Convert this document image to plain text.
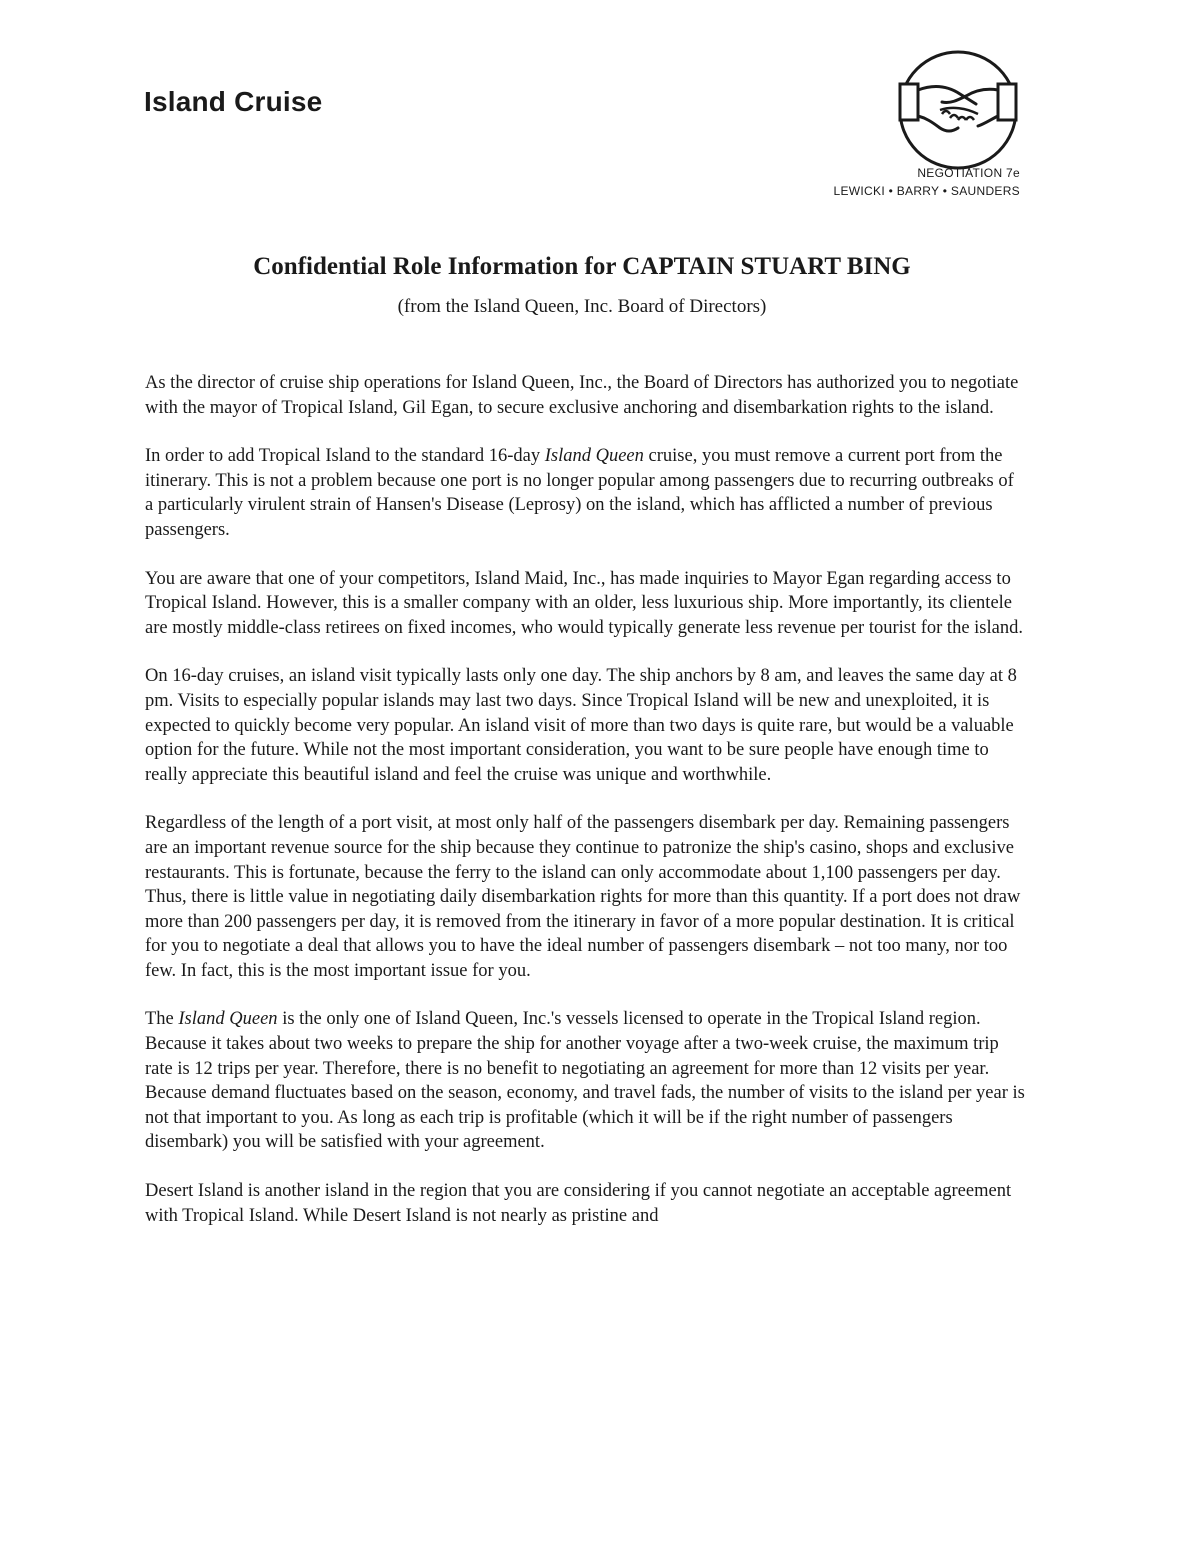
Island Cruise
NEGOTIATION 7e
LEWICKI • BARRY • SAUNDERS
Confidential Role Information for CAPTAIN STUART BING
(from the Island Queen, Inc. Board of Directors)

As the director of cruise ship operations for Island Queen, Inc., the Board of Directors has authorized you to negotiate with the mayor of Tropical Island, Gil Egan, to secure exclusive anchoring and disembarkation rights to the island.

In order to add Tropical Island to the standard 16-day Island Queen cruise, you must remove a current port from the itinerary. This is not a problem because one port is no longer popular among passengers due to recurring outbreaks of a particularly virulent strain of Hansen's Disease (Leprosy) on the island, which has afflicted a number of previous passengers.

You are aware that one of your competitors, Island Maid, Inc., has made inquiries to Mayor Egan regarding access to Tropical Island. However, this is a smaller company with an older, less luxurious ship. More importantly, its clientele are mostly middle-class retirees on fixed incomes, who would typically generate less revenue per tourist for the island.

On 16-day cruises, an island visit typically lasts only one day. The ship anchors by 8 am, and leaves the same day at 8 pm. Visits to especially popular islands may last two days. Since Tropical Island will be new and unexploited, it is expected to quickly become very popular. An island visit of more than two days is quite rare, but would be a valuable option for the future. While not the most important consideration, you want to be sure people have enough time to really appreciate this beautiful island and feel the cruise was unique and worthwhile.

Regardless of the length of a port visit, at most only half of the passengers disembark per day. Remaining passengers are an important revenue source for the ship because they continue to patronize the ship's casino, shops and exclusive restaurants. This is fortunate, because the ferry to the island can only accommodate about 1,100 passengers per day. Thus, there is little value in negotiating daily disembarkation rights for more than this quantity. If a port does not draw more than 200 passengers per day, it is removed from the itinerary in favor of a more popular destination. It is critical for you to negotiate a deal that allows you to have the ideal number of passengers disembark – not too many, nor too few. In fact, this is the most important issue for you.

The Island Queen is the only one of Island Queen, Inc.'s vessels licensed to operate in the Tropical Island region. Because it takes about two weeks to prepare the ship for another voyage after a two-week cruise, the maximum trip rate is 12 trips per year. Therefore, there is no benefit to negotiating an agreement for more than 12 visits per year. Because demand fluctuates based on the season, economy, and travel fads, the number of visits to the island per year is not that important to you. As long as each trip is profitable (which it will be if the right number of passengers disembark) you will be satisfied with your agreement.

Desert Island is another island in the region that you are considering if you cannot negotiate an acceptable agreement with Tropical Island. While Desert Island is not nearly as pristine and
